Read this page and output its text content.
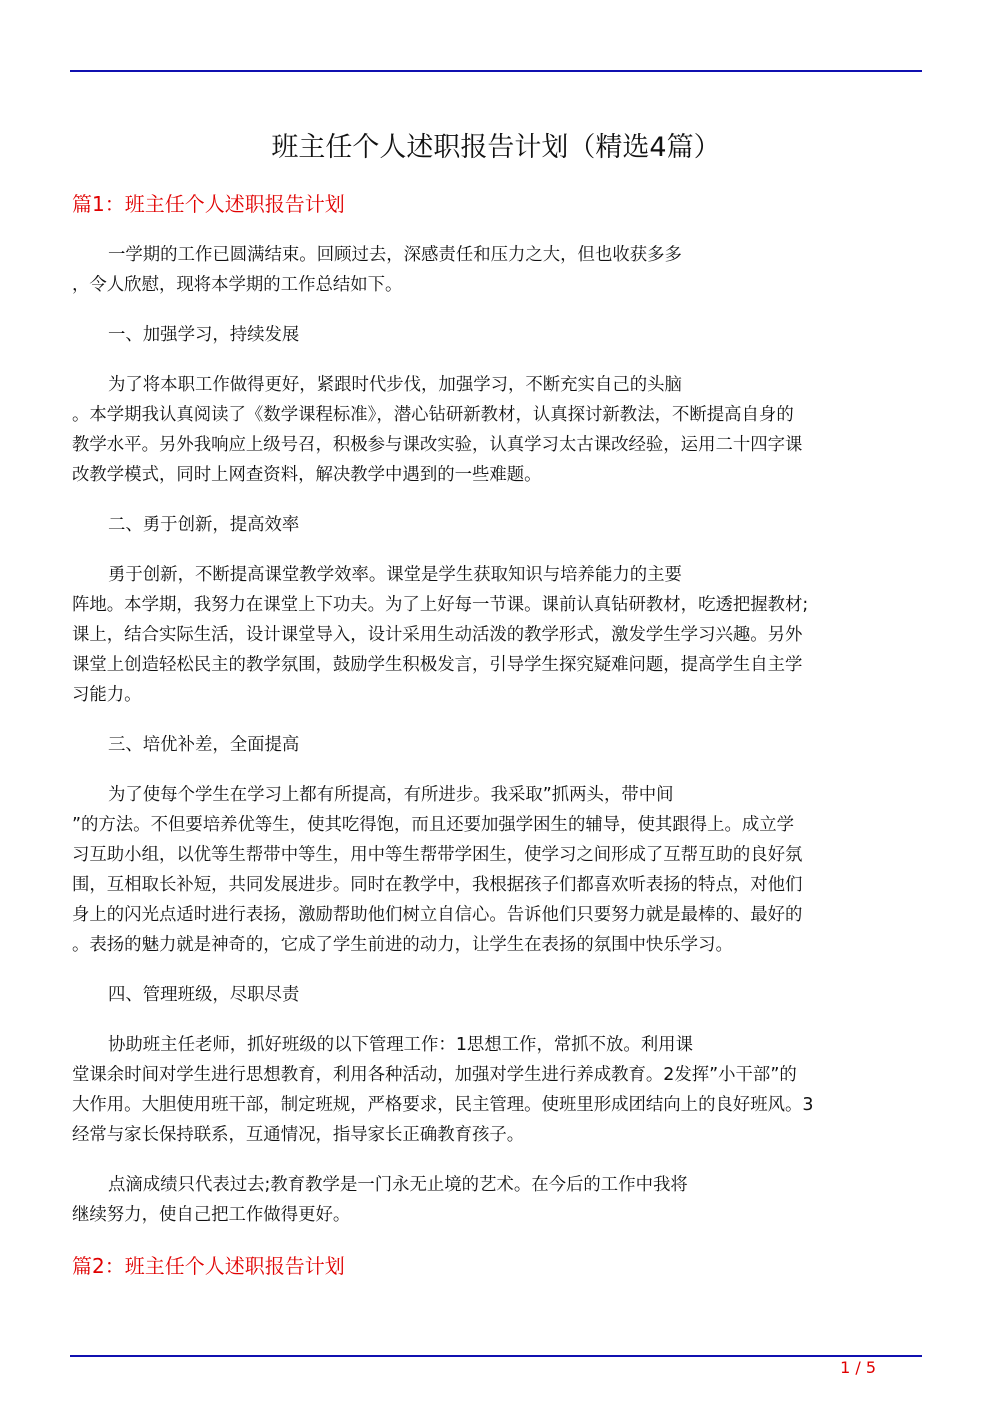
班主任个人述职报告计划（精选4篇）
篇1：班主任个人述职报告计划
一学期的工作已圆满结束。回顾过去，深感责任和压力之大，但也收获多多
，令人欣慰，现将本学期的工作总结如下。
一、加强学习，持续发展
为了将本职工作做得更好，紧跟时代步伐，加强学习，不断充实自己的头脑
。本学期我认真阅读了《数学课程标准》，潜心钻研新教材，认真探讨新教法，不断提高自身的
教学水平。另外我响应上级号召，积极参与课改实验，认真学习太古课改经验，运用二十四字课
改教学模式，同时上网查资料，解决教学中遇到的一些难题。
二、勇于创新，提高效率
勇于创新，不断提高课堂教学效率。课堂是学生获取知识与培养能力的主要
阵地。本学期，我努力在课堂上下功夫。为了上好每一节课。课前认真钻研教材，吃透把握教材;
课上，结合实际生活，设计课堂导入，设计采用生动活泼的教学形式，激发学生学习兴趣。另外
课堂上创造轻松民主的教学氛围，鼓励学生积极发言，引导学生探究疑难问题，提高学生自主学
习能力。
三、培优补差，全面提高
为了使每个学生在学习上都有所提高，有所进步。我采取”抓两头，带中间
”的方法。不但要培养优等生，使其吃得饱，而且还要加强学困生的辅导，使其跟得上。成立学
习互助小组，以优等生帮带中等生，用中等生帮带学困生，使学习之间形成了互帮互助的良好氛
围，互相取长补短，共同发展进步。同时在教学中，我根据孩子们都喜欢听表扬的特点，对他们
身上的闪光点适时进行表扬，激励帮助他们树立自信心。告诉他们只要努力就是最棒的、最好的
。表扬的魅力就是神奇的，它成了学生前进的动力，让学生在表扬的氛围中快乐学习。
四、管理班级，尽职尽责
协助班主任老师，抓好班级的以下管理工作：1思想工作，常抓不放。利用课
堂课余时间对学生进行思想教育，利用各种活动，加强对学生进行养成教育。2发挥”小干部”的
大作用。大胆使用班干部，制定班规，严格要求，民主管理。使班里形成团结向上的良好班风。3
经常与家长保持联系，互通情况，指导家长正确教育孩子。
点滴成绩只代表过去;教育教学是一门永无止境的艺术。在今后的工作中我将
继续努力，使自己把工作做得更好。
篇2：班主任个人述职报告计划
1 / 5
